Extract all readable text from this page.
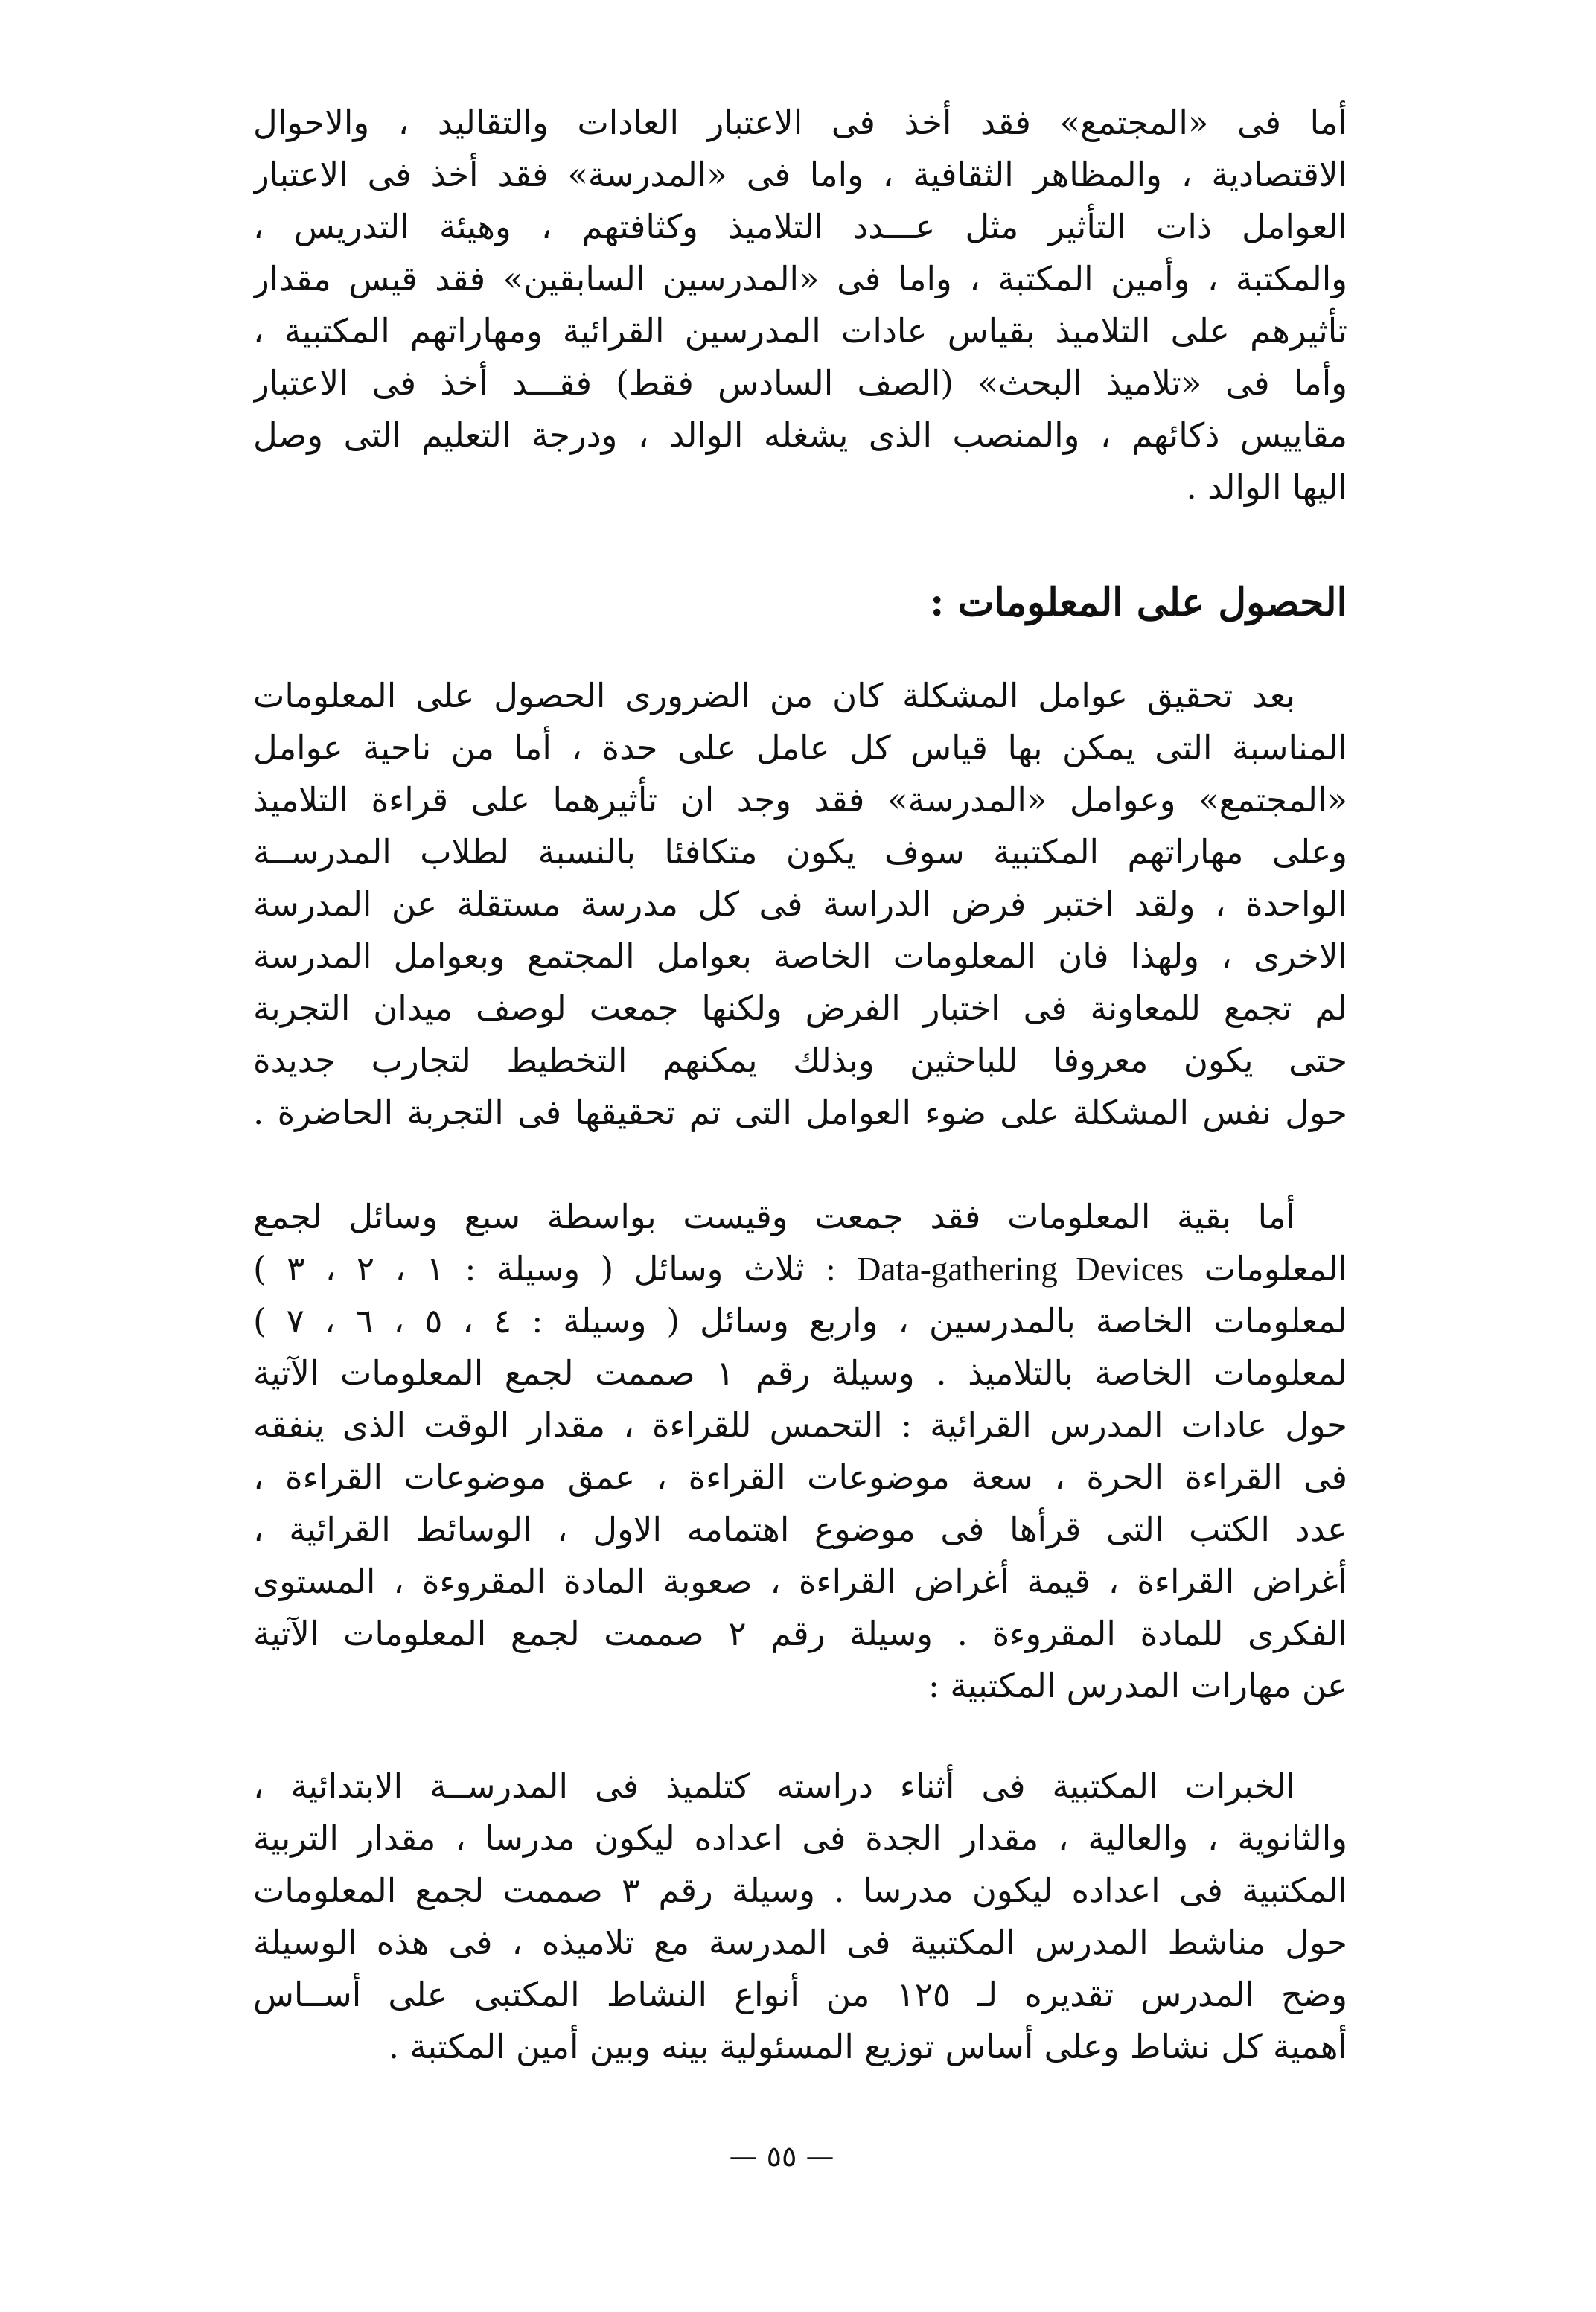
أما فى «المجتمع» فقد أخذ فى الاعتبار العادات والتقاليد ، والاحوال
الاقتصادية ، والمظاهر الثقافية ، واما فى «المدرسة» فقد أخذ فى الاعتبار
العوامل ذات التأثير مثل عـــدد التلاميذ وكثافتهم ، وهيئة التدريس ،
والمكتبة ، وأمين المكتبة ، واما فى «المدرسين السابقين» فقد قيس مقدار
تأثيرهم على التلاميذ بقياس عادات المدرسين القرائية ومهاراتهم المكتبية ،
وأما فى «تلاميذ البحث» (الصف السادس فقط) فقـــد أخذ فى الاعتبار
مقاييس ذكائهم ، والمنصب الذى يشغله الوالد ، ودرجة التعليم التى وصل
اليها الوالد .
الحصول على المعلومات :
بعد تحقيق عوامل المشكلة كان من الضرورى الحصول على المعلومات
المناسبة التى يمكن بها قياس كل عامل على حدة ، أما من ناحية عوامل
«المجتمع» وعوامل «المدرسة» فقد وجد ان تأثيرهما على قراءة التلاميذ
وعلى مهاراتهم المكتبية سوف يكون متكافئا بالنسبة لطلاب المدرســة
الواحدة ، ولقد اختبر فرض الدراسة فى كل مدرسة مستقلة عن المدرسة
الاخرى ، ولهذا فان المعلومات الخاصة بعوامل المجتمع وبعوامل المدرسة
لم تجمع للمعاونة فى اختبار الفرض ولكنها جمعت لوصف ميدان التجربة
حتى يكون معروفا للباحثين وبذلك يمكنهم التخطيط لتجارب جديدة
حول نفس المشكلة على ضوء العوامل التى تم تحقيقها فى التجربة الحاضرة .
أما بقية المعلومات فقد جمعت وقيست بواسطة سبع وسائل لجمع
المعلومات Data-gathering Devices : ثلاث وسائل ( وسيلة : ١ ، ٢ ، ٣ )
لمعلومات الخاصة بالمدرسين ، واربع وسائل ( وسيلة : ٤ ، ٥ ، ٦ ، ٧ )
لمعلومات الخاصة بالتلاميذ . وسيلة رقم ١ صممت لجمع المعلومات الآتية
حول عادات المدرس القرائية : التحمس للقراءة ، مقدار الوقت الذى ينفقه
فى القراءة الحرة ، سعة موضوعات القراءة ، عمق موضوعات القراءة ،
عدد الكتب التى قرأها فى موضوع اهتمامه الاول ، الوسائط القرائية ،
أغراض القراءة ، قيمة أغراض القراءة ، صعوبة المادة المقروءة ، المستوى
الفكرى للمادة المقروءة . وسيلة رقم ٢ صممت لجمع المعلومات الآتية
عن مهارات المدرس المكتبية :
الخبرات المكتبية فى أثناء دراسته كتلميذ فى المدرســة الابتدائية ،
والثانوية ، والعالية ، مقدار الجدة فى اعداده ليكون مدرسا ، مقدار التربية
المكتبية فى اعداده ليكون مدرسا . وسيلة رقم ٣ صممت لجمع المعلومات
حول مناشط المدرس المكتبية فى المدرسة مع تلاميذه ، فى هذه الوسيلة
وضح المدرس تقديره لـ ١٢٥ من أنواع النشاط المكتبى على أســاس
أهمية كل نشاط وعلى أساس توزيع المسئولية بينه وبين أمين المكتبة .
— ٥٥ —
